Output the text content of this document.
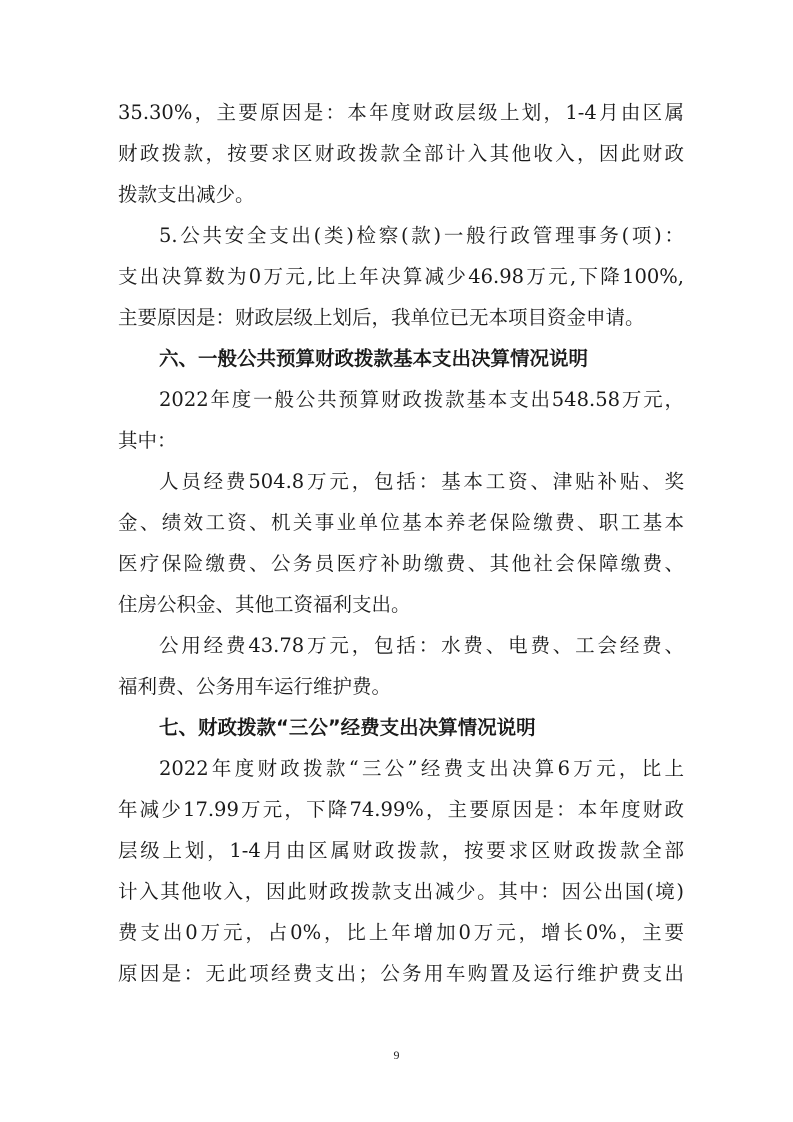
35.30%，主要原因是：本年度财政层级上划，1-4月由区属
财政拨款，按要求区财政拨款全部计入其他收入，因此财政
拨款支出减少。
5.公共安全支出(类)检察(款)一般行政管理事务(项)：
支出决算数为0万元,比上年决算减少46.98万元,下降100%,
主要原因是：财政层级上划后，我单位已无本项目资金申请。
六、一般公共预算财政拨款基本支出决算情况说明
2022年度一般公共预算财政拨款基本支出548.58万元，
其中：
人员经费504.8万元，包括：基本工资、津贴补贴、奖
金、绩效工资、机关事业单位基本养老保险缴费、职工基本
医疗保险缴费、公务员医疗补助缴费、其他社会保障缴费、
住房公积金、其他工资福利支出。
公用经费43.78万元，包括：水费、电费、工会经费、
福利费、公务用车运行维护费。
七、财政拨款“三公”经费支出决算情况说明
2022年度财政拨款“三公”经费支出决算6万元，比上
年减少17.99万元，下降74.99%，主要原因是：本年度财政
层级上划，1-4月由区属财政拨款，按要求区财政拨款全部
计入其他收入，因此财政拨款支出减少。其中：因公出国(境)
费支出0万元，占0%，比上年增加0万元，增长0%，主要
原因是：无此项经费支出；公务用车购置及运行维护费支出
9
